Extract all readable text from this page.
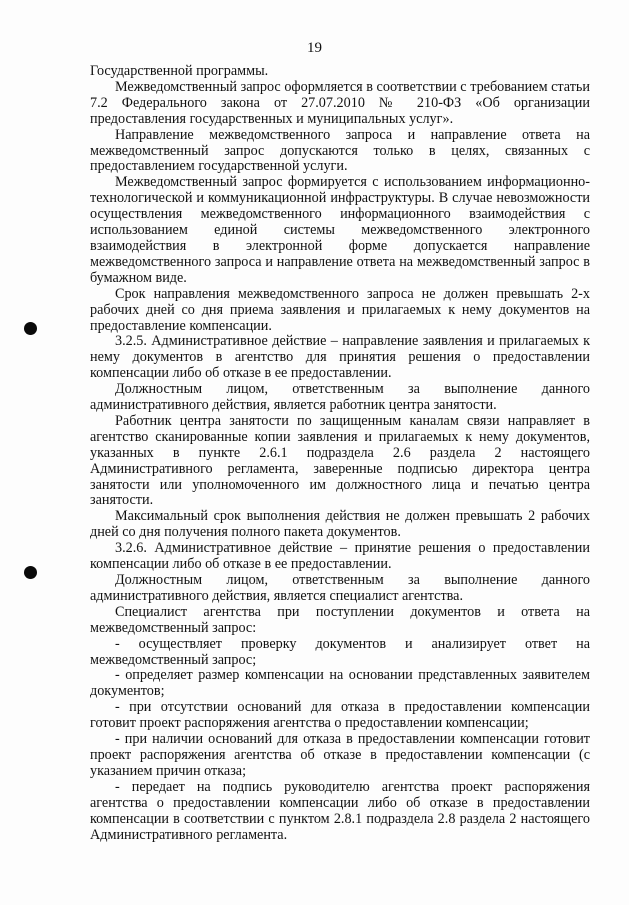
19

Государственной программы.

Межведомственный запрос оформляется в соответствии с требованием статьи 7.2 Федерального закона от 27.07.2010 № 210-ФЗ «Об организации предоставления государственных и муниципальных услуг».

Направление межведомственного запроса и направление ответа на межведомственный запрос допускаются только в целях, связанных с предоставлением государственной услуги.

Межведомственный запрос формируется с использованием информационно-технологической и коммуникационной инфраструктуры. В случае невозможности осуществления межведомственного информационного взаимодействия с использованием единой системы межведомственного электронного взаимодействия в электронной форме допускается направление межведомственного запроса и направление ответа на межведомственный запрос в бумажном виде.

Срок направления межведомственного запроса не должен превышать 2-х рабочих дней со дня приема заявления и прилагаемых к нему документов на предоставление компенсации.

3.2.5. Административное действие – направление заявления и прилагаемых к нему документов в агентство для принятия решения о предоставлении компенсации либо об отказе в ее предоставлении.

Должностным лицом, ответственным за выполнение данного административного действия, является работник центра занятости.

Работник центра занятости по защищенным каналам связи направляет в агентство сканированные копии заявления и прилагаемых к нему документов, указанных в пункте 2.6.1 подраздела 2.6 раздела 2 настоящего Административного регламента, заверенные подписью директора центра занятости или уполномоченного им должностного лица и печатью центра занятости.

Максимальный срок выполнения действия не должен превышать 2 рабочих дней со дня получения полного пакета документов.

3.2.6. Административное действие – принятие решения о предоставлении компенсации либо об отказе в ее предоставлении.

Должностным лицом, ответственным за выполнение данного административного действия, является специалист агентства.

Специалист агентства при поступлении документов и ответа на межведомственный запрос:

- осуществляет проверку документов и анализирует ответ на межведомственный запрос;

- определяет размер компенсации на основании представленных заявителем документов;

- при отсутствии оснований для отказа в предоставлении компенсации готовит проект распоряжения агентства о предоставлении компенсации;

- при наличии оснований для отказа в предоставлении компенсации готовит проект распоряжения агентства об отказе в предоставлении компенсации (с указанием причин отказа;

- передает на подпись руководителю агентства проект распоряжения агентства о предоставлении компенсации либо об отказе в предоставлении компенсации в соответствии с пунктом 2.8.1 подраздела 2.8 раздела 2 настоящего Административного регламента.
